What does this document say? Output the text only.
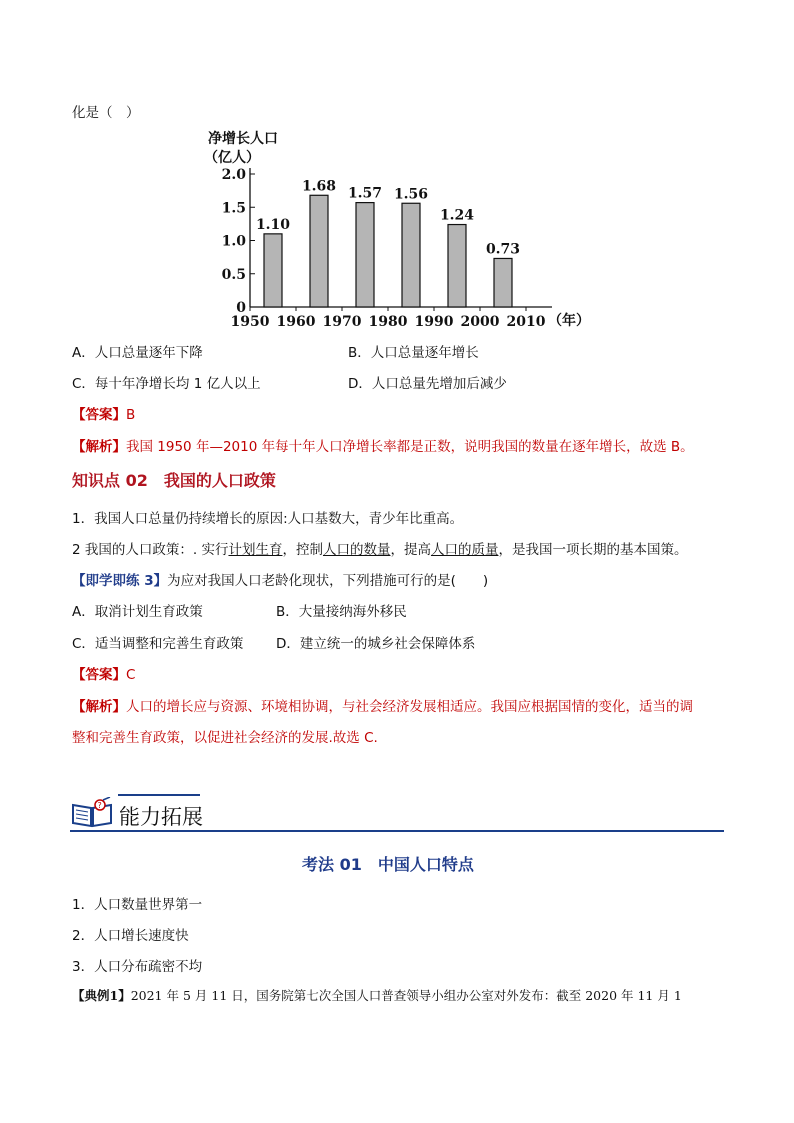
化是（　）
净增长人口
（亿人）
2.0
1.5
1.0
0.5
0
1950 1960 1970 1980 1990 2000 2010 （年）
1.10
1.68 1.57 1.56
1.24
0.73
A．人口总量逐年下降	B．人口总量逐年增长
C．每十年净增长均 1 亿人以上	D．人口总量先增加后减少
【答案】B
【解析】我国 1950 年—2010 年每十年人口净增长率都是正数，说明我国的数量在逐年增长，故选 B。
知识点 02　我国的人口政策
1．我国人口总量仍持续增长的原因:人口基数大，青少年比重高。
2 我国的人口政策：. 实行计划生育，控制人口的数量，提高人口的质量，是我国一项长期的基本国策。
【即学即练 3】为应对我国人口老龄化现状，下列措施可行的是(　　)
A．取消计划生育政策	B．大量接纳海外移民
C．适当调整和完善生育政策 D．建立统一的城乡社会保障体系
【答案】C
【解析】人口的增长应与资源、环境相协调，与社会经济发展相适应。我国应根据国情的变化，适当的调
整和完善生育政策，以促进社会经济的发展.故选 C.
? 能力拓展
考法 01　中国人口特点
1．人口数量世界第一
2．人口增长速度快
3．人口分布疏密不均
【典例1】2021 年 5 月 11 日，国务院第七次全国人口普查领导小组办公室对外发布：截至 2020 年 11 月 1
